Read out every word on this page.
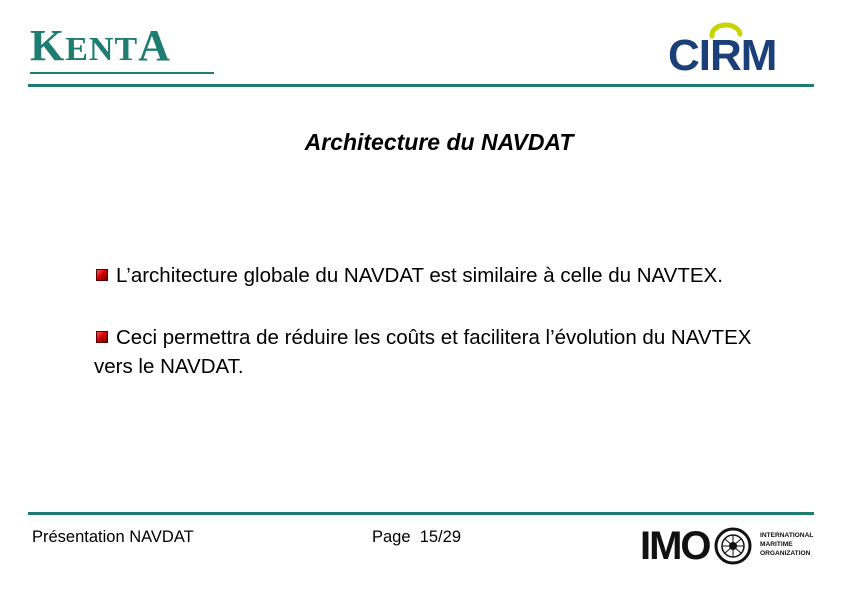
KENTA	CIRM
Architecture du NAVDAT
L’architecture globale du NAVDAT est similaire à celle du NAVTEX.
Ceci permettra de réduire les coûts et facilitera l’évolution du NAVTEX vers le NAVDAT.
Présentation NAVDAT	Page  15/29	IMO	INTERNATIONAL
MARITIME
ORGANIZATION
